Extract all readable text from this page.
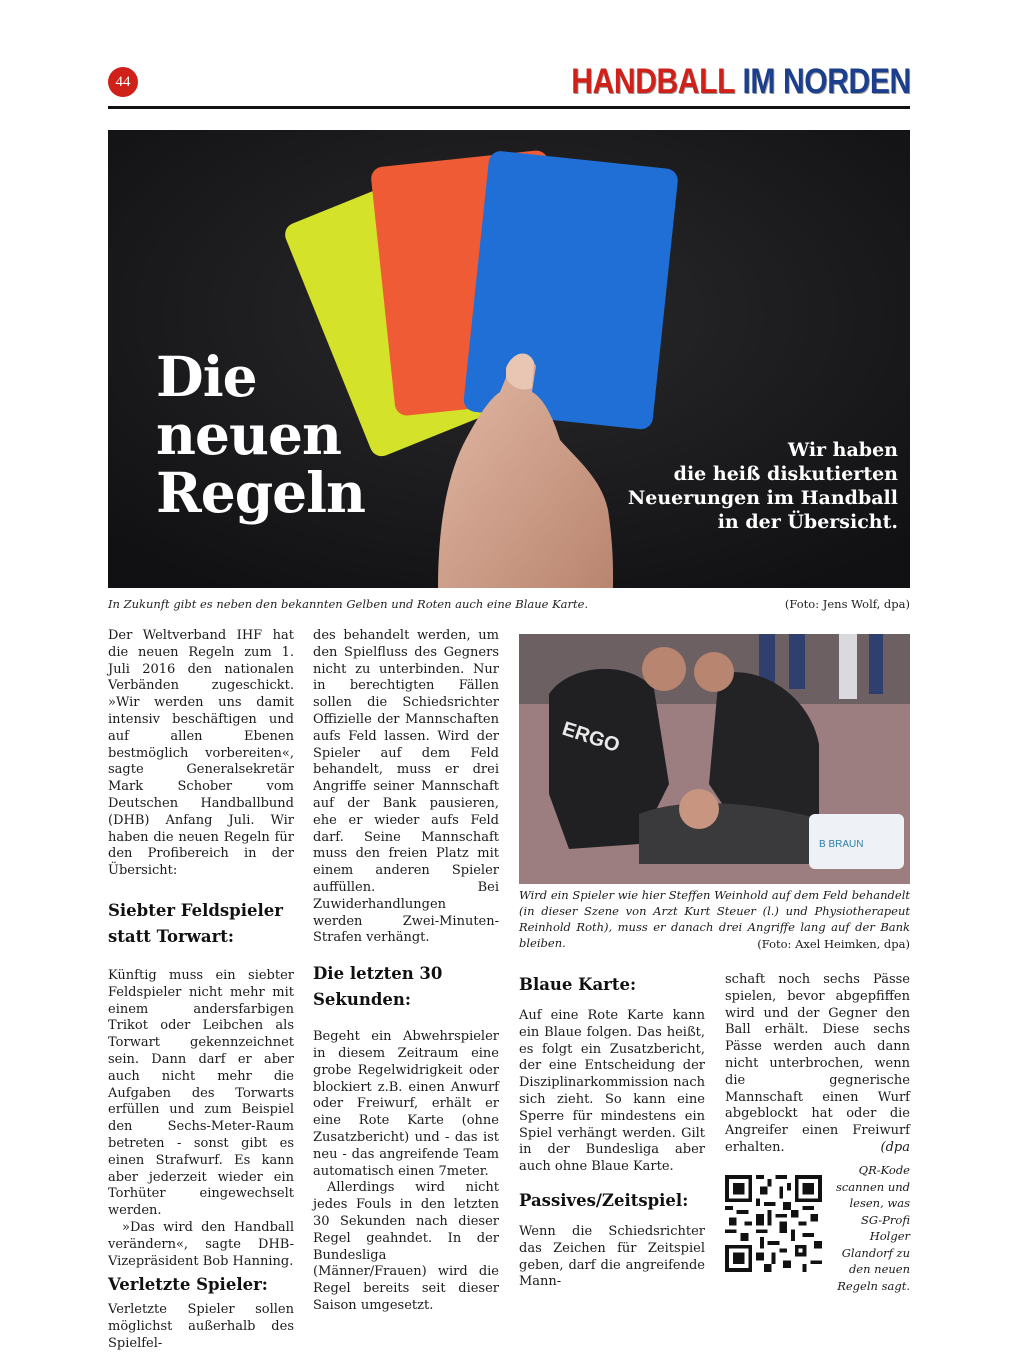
44	HANDBALL IM NORDEN
Die
neuen
Regeln
Wir haben
die heiß diskutierten
Neuerungen im Handball
in der Übersicht.
In Zukunft gibt es neben den bekannten Gelben und Roten auch eine Blaue Karte.	(Foto: Jens Wolf, dpa)

Der Weltverband IHF hat die neuen Regeln zum 1. Juli 2016 den nationalen Verbänden zugeschickt. »Wir werden uns damit intensiv beschäftigen und auf allen Ebenen bestmöglich vorbereiten«, sagte Generalsekretär Mark Schober vom Deutschen Handballbund (DHB) Anfang Juli. Wir haben die neuen Regeln für den Profibereich in der Übersicht:

Siebter Feldspieler statt Torwart:

Künftig muss ein siebter Feldspieler nicht mehr mit einem andersfarbigen Trikot oder Leibchen als Torwart gekennzeichnet sein. Dann darf er aber auch nicht mehr die Aufgaben des Torwarts erfüllen und zum Beispiel den Sechs-Meter-Raum betreten - sonst gibt es einen Strafwurf. Es kann aber jederzeit wieder ein Torhüter eingewechselt werden.

»Das wird den Handball verändern«, sagte DHB-Vizepräsident Bob Hanning.

Verletzte Spieler:

Verletzte Spieler sollen möglichst außerhalb des Spielfel-

des behandelt werden, um den Spielfluss des Gegners nicht zu unterbinden. Nur in berechtigten Fällen sollen die Schiedsrichter Offizielle der Mannschaften aufs Feld lassen. Wird der Spieler auf dem Feld behandelt, muss er drei Angriffe seiner Mannschaft auf der Bank pausieren, ehe er wieder aufs Feld darf. Seine Mannschaft muss den freien Platz mit einem anderen Spieler auffüllen. Bei Zuwiderhandlungen werden Zwei-Minuten-Strafen verhängt.

Die letzten 30 Sekunden:

Begeht ein Abwehrspieler in diesem Zeitraum eine grobe Regelwidrigkeit oder blockiert z.B. einen Anwurf oder Freiwurf, erhält er eine Rote Karte (ohne Zusatzbericht) und - das ist neu - das angreifende Team automatisch einen 7meter.

Allerdings wird nicht jedes Fouls in den letzten 30 Sekunden nach dieser Regel geahndet. In der Bundesliga (Männer/Frauen) wird die Regel bereits seit dieser Saison umgesetzt.

B BRAUN
ERGO
Wird ein Spieler wie hier Steffen Weinhold auf dem Feld behandelt (in dieser Szene von Arzt Kurt Steuer (l.) und Physiotherapeut Reinhold Roth), muss er danach drei Angriffe lang auf der Bank bleiben.	(Foto: Axel Heimken, dpa)
Blaue Karte:

Auf eine Rote Karte kann ein Blaue folgen. Das heißt, es folgt ein Zusatzbericht, der eine Entscheidung der Disziplinarkommission nach sich zieht. So kann eine Sperre für mindestens ein Spiel verhängt werden. Gilt in der Bundesliga aber auch ohne Blaue Karte.

Passives/Zeitspiel:

Wenn die Schiedsrichter das Zeichen für Zeitspiel geben, darf die angreifende Mann-

schaft noch sechs Pässe spielen, bevor abgepfiffen wird und der Gegner den Ball erhält. Diese sechs Pässe werden auch dann nicht unterbrochen, wenn die gegnerische Mannschaft einen Wurf abgeblockt hat oder die Angreifer einen Freiwurf erhalten.	(dpa

QR-Kode scannen und lesen, was SG-Profi Holger Glandorf zu den neuen Regeln sagt.
